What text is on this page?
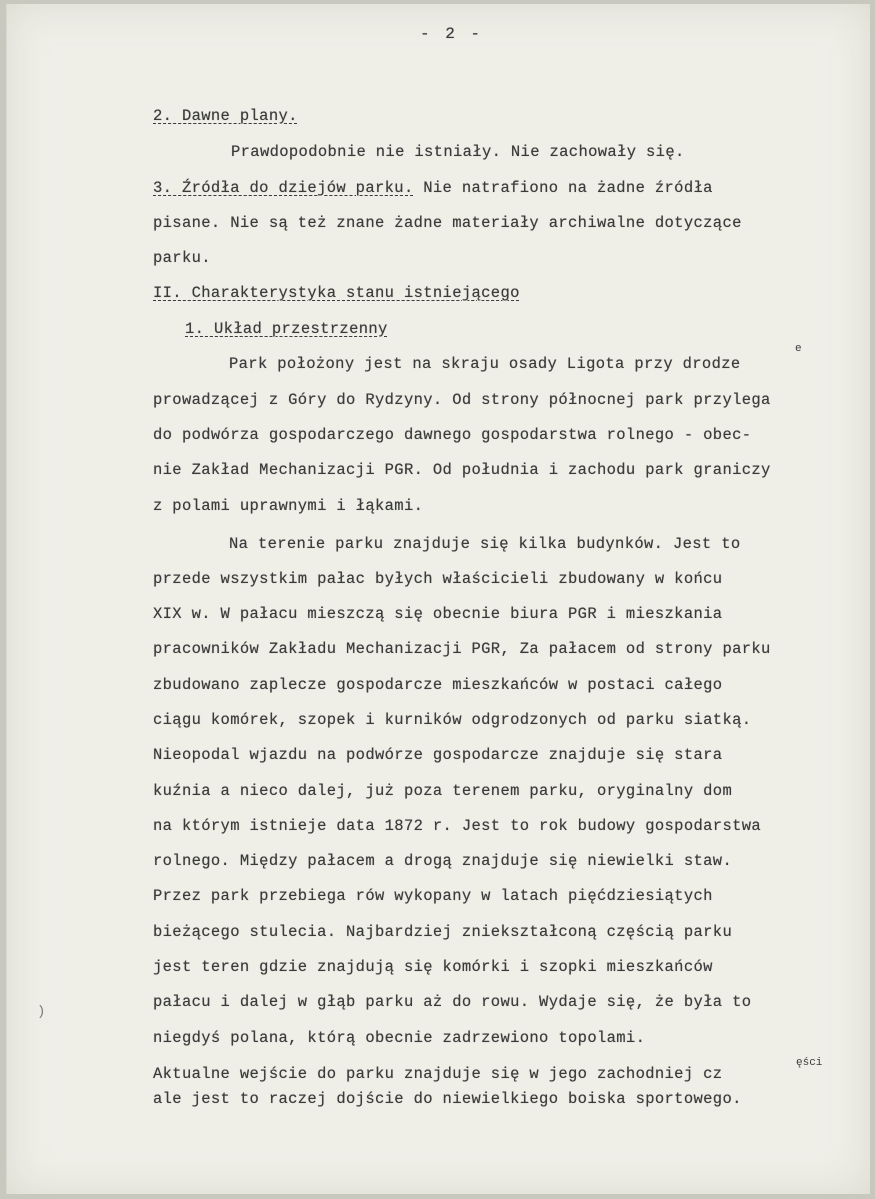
- 2 -
2. Dawne plany.
Prawdopodobnie nie istniały. Nie zachowały się.
3. Źródła do dziejów parku. Nie natrafiono na żadne źródła
pisane. Nie są też znane żadne materiały archiwalne dotyczące
parku.
II. Charakterystyka stanu istniejącego
1. Układ przestrzenny
Park położony jest na skraju osady Ligota przy drodze
e
prowadzącej z Góry do Rydzyny. Od strony północnej park przylega
do podwórza gospodarczego dawnego gospodarstwa rolnego - obec-
nie Zakład Mechanizacji PGR. Od południa i zachodu park graniczy
z polami uprawnymi i łąkami.
Na terenie parku znajduje się kilka budynków. Jest to
przede wszystkim pałac byłych właścicieli zbudowany w końcu
XIX w. W pałacu mieszczą się obecnie biura PGR i mieszkania
pracowników Zakładu Mechanizacji PGR, Za pałacem od strony parku
zbudowano zaplecze gospodarcze mieszkańców w postaci całego
ciągu komórek, szopek i kurników odgrodzonych od parku siatką.
Nieopodal wjazdu na podwórze gospodarcze znajduje się stara
kuźnia a nieco dalej, już poza terenem parku, oryginalny dom
na którym istnieje data 1872 r. Jest to rok budowy gospodarstwa
rolnego. Między pałacem a drogą znajduje się niewielki staw.
Przez park przebiega rów wykopany w latach pięćdziesiątych
bieżącego stulecia. Najbardziej zniekształconą częścią parku
jest teren gdzie znajdują się komórki i szopki mieszkańców
pałacu i dalej w głąb parku aż do rowu. Wydaje się, że była to
niegdyś polana, którą obecnie zadrzewiono topolami.
)
Aktualne wejście do parku znajduje się w jego zachodniej cz
ęści
ale jest to raczej dojście do niewielkiego boiska sportowego.
